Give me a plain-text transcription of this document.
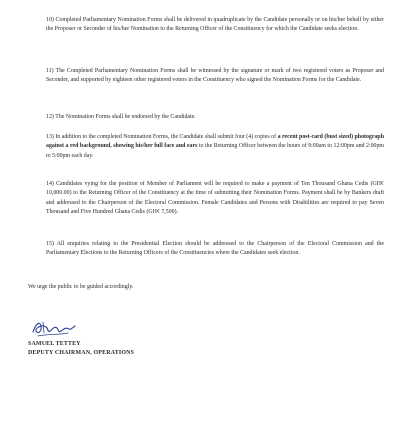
10) Completed Parliamentary Nomination Forms shall be delivered in quadruplicate by the Candidate personally or on his/her behalf by either the Proposer or Seconder of his/her Nomination to the Returning Officer of the Constituency for which the Candidate seeks election.

11) The Completed Parliamentary Nomination Forms shall be witnessed by the signature or mark of two registered voters as Proposer and Seconder, and supported by eighteen other registered voters in the Constituency who signed the Nomination Forms for the Candidate.

12) The Nomination Forms shall be endorsed by the Candidate.

13) In addition to the completed Nomination Forms, the Candidate shall submit four (4) copies of a recent post-card (bust sized) photograph against a red background, showing his/her full face and ears to the Returning Officer between the hours of 9:00am to 12:00pm and 2:00pm to 5:00pm each day.

14) Candidates vying for the position of Member of Parliament will be required to make a payment of Ten Thousand Ghana Cedis (GH¢ 10,000.00) to the Returning Officer of the Constituency at the time of submitting their Nomination Forms. Payment shall be by Bankers draft and addressed to the Chairperson of the Electoral Commission. Female Candidates and Persons with Disabilities are required to pay Seven Thousand and Five Hundred Ghana Cedis (GH¢ 7,500).

15) All enquiries relating to the Presidential Election should be addressed to the Chairperson of the Electoral Commission and the Parliamentary Elections to the Returning Officers of the Constituencies where the Candidates seek election.

We urge the public to be guided accordingly.
SAMUEL TETTEY
DEPUTY CHAIRMAN, OPERATIONS
